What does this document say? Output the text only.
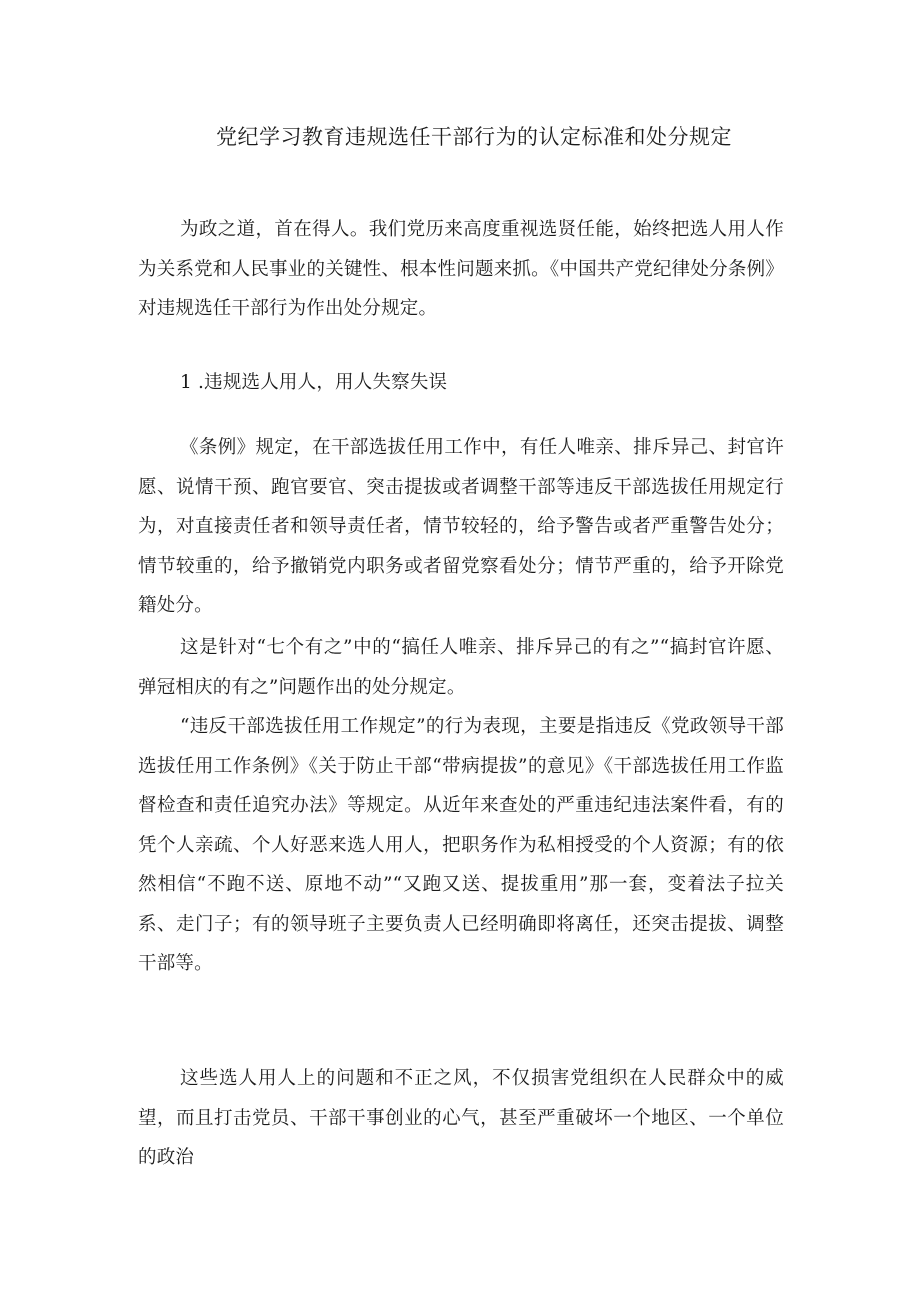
党纪学习教育违规选任干部行为的认定标准和处分规定

为政之道，首在得人。我们党历来高度重视选贤任能，始终把选人用人作为关系党和人民事业的关键性、根本性问题来抓。《中国共产党纪律处分条例》对违规选任干部行为作出处分规定。

1 .违规选人用人，用人失察失误

《条例》规定，在干部选拔任用工作中，有任人唯亲、排斥异己、封官许愿、说情干预、跑官要官、突击提拔或者调整干部等违反干部选拔任用规定行为，对直接责任者和领导责任者，情节较轻的，给予警告或者严重警告处分；情节较重的，给予撤销党内职务或者留党察看处分；情节严重的，给予开除党籍处分。

这是针对“七个有之”中的“搞任人唯亲、排斥异己的有之”“搞封官许愿、弹冠相庆的有之”问题作出的处分规定。

“违反干部选拔任用工作规定”的行为表现，主要是指违反《党政领导干部选拔任用工作条例》《关于防止干部“带病提拔”的意见》《干部选拔任用工作监督检查和责任追究办法》等规定。从近年来查处的严重违纪违法案件看，有的凭个人亲疏、个人好恶来选人用人，把职务作为私相授受的个人资源；有的依然相信“不跑不送、原地不动”“又跑又送、提拔重用”那一套，变着法子拉关系、走门子；有的领导班子主要负责人已经明确即将离任，还突击提拔、调整干部等。

这些选人用人上的问题和不正之风，不仅损害党组织在人民群众中的威望，而且打击党员、干部干事创业的心气，甚至严重破坏一个地区、一个单位的政治
